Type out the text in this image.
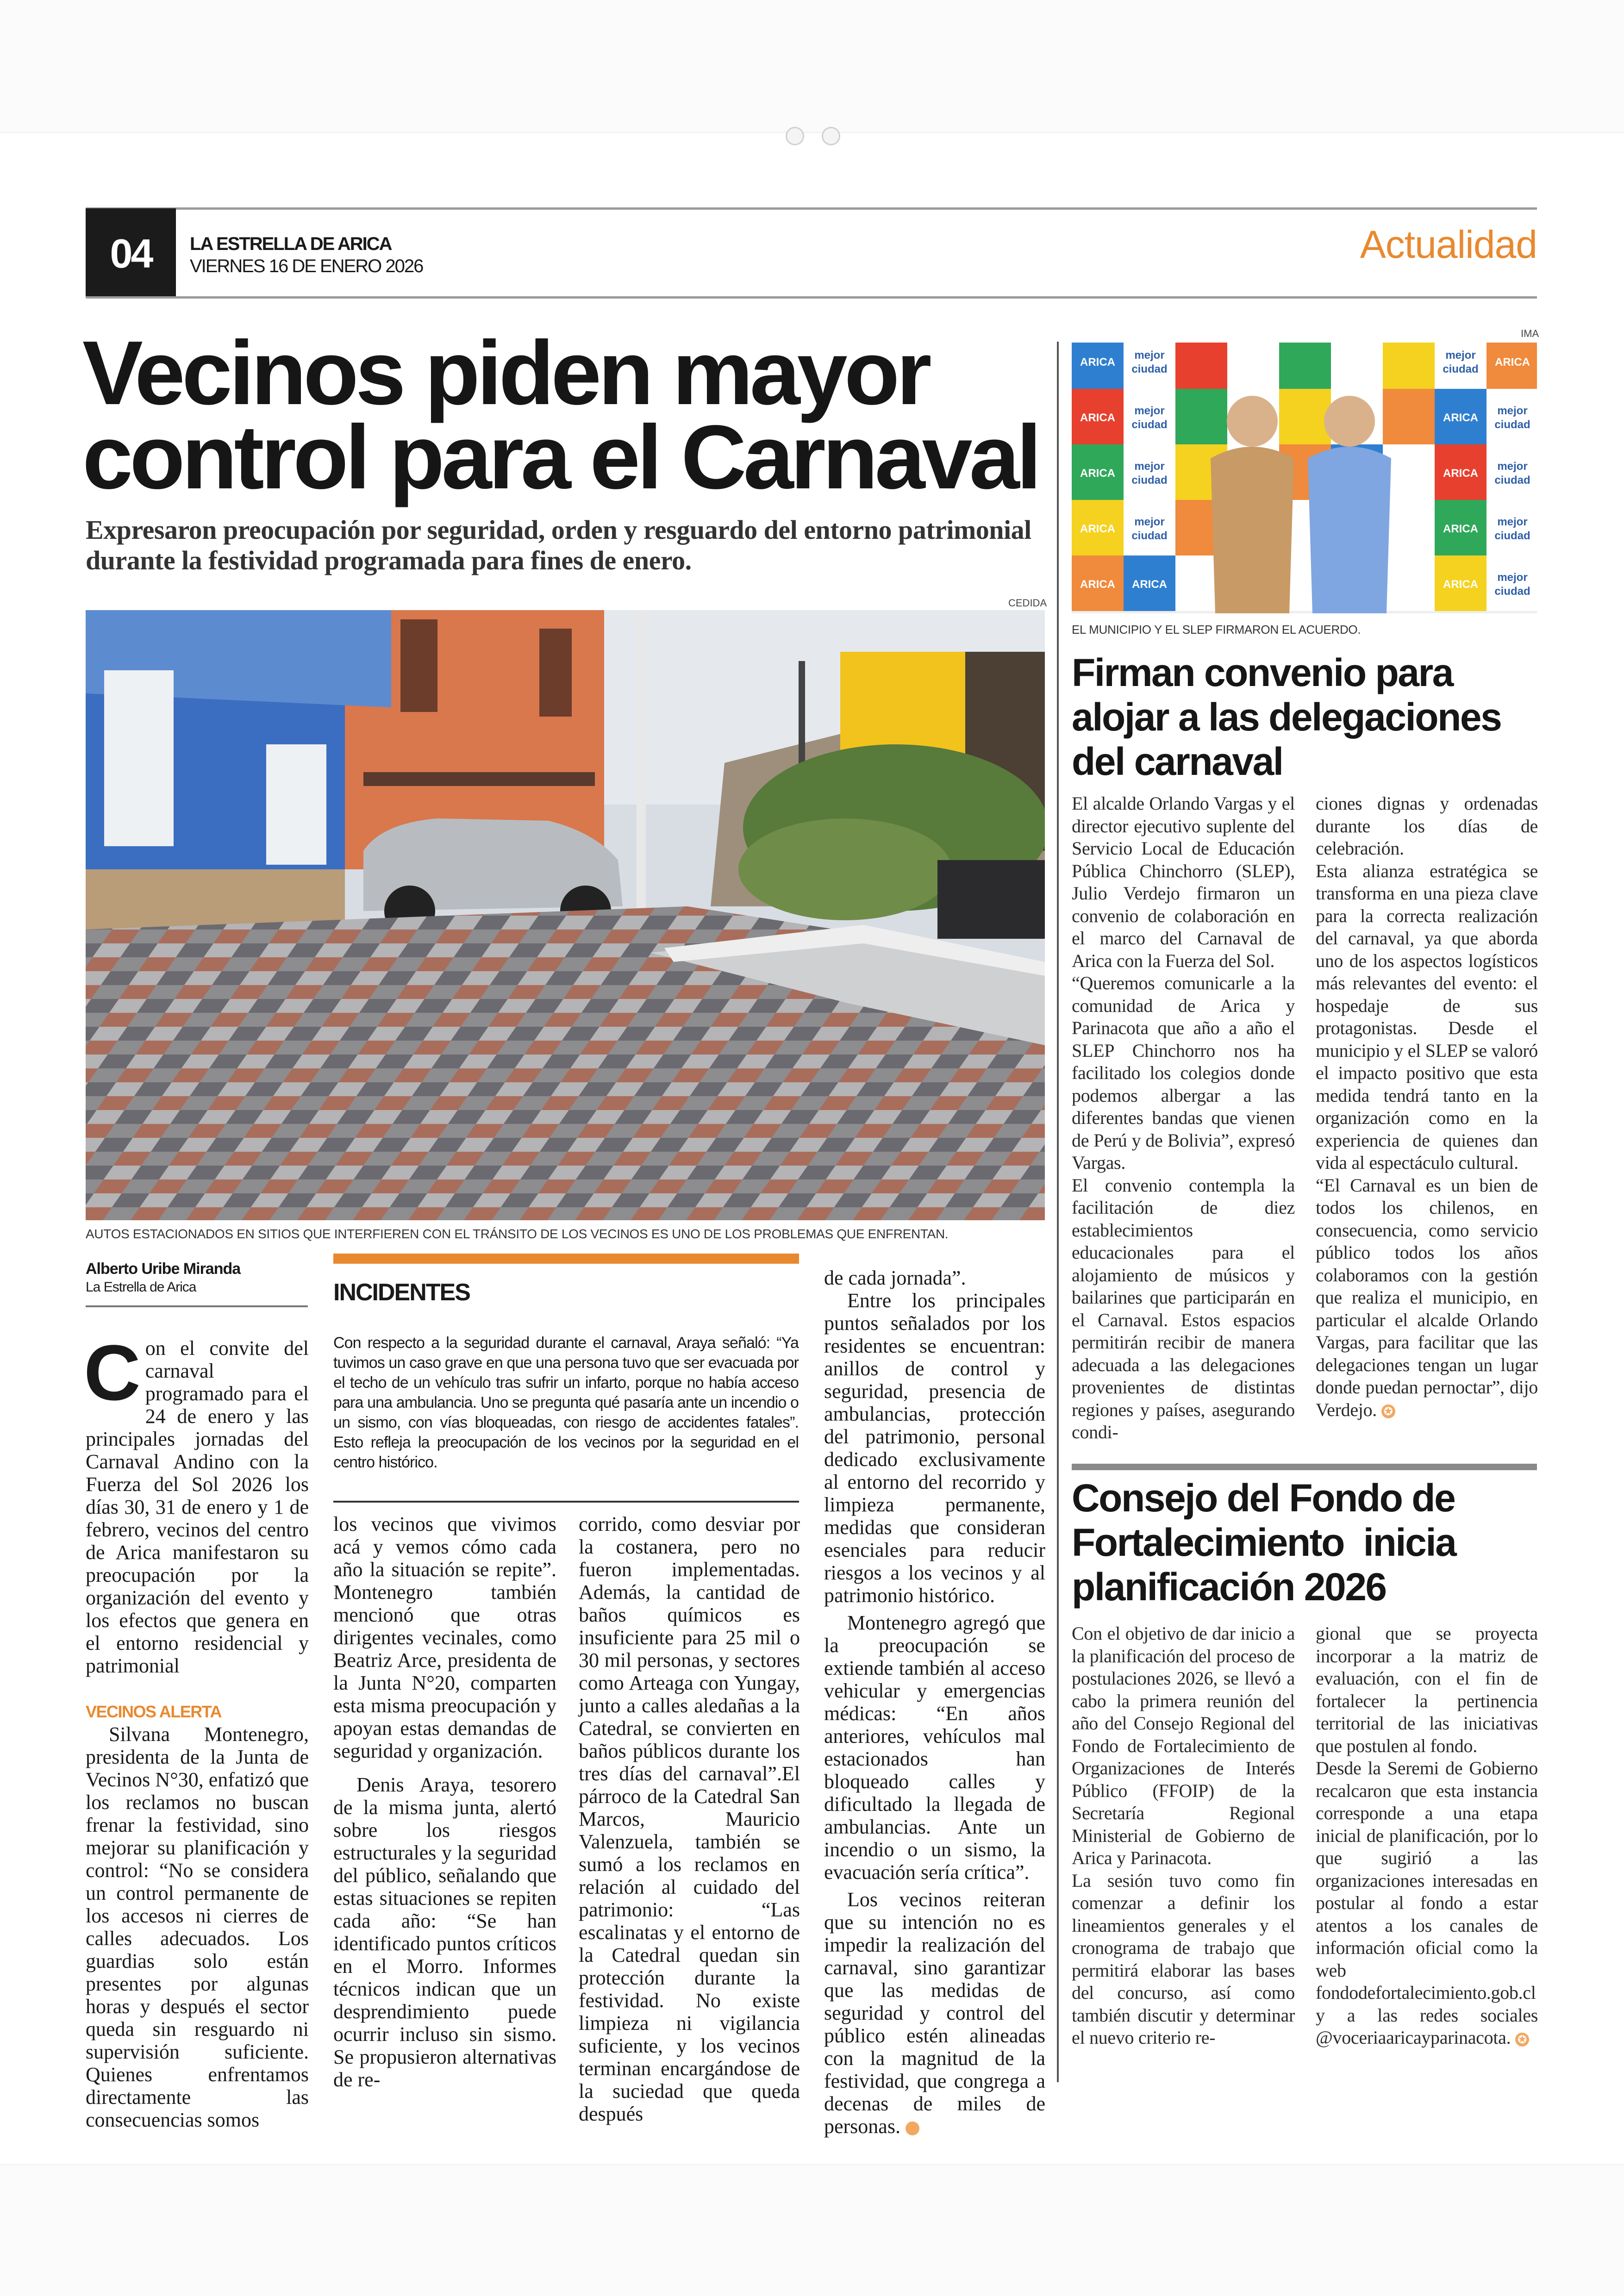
04	LA ESTRELLA DE ARICA
VIERNES 16 DE ENERO 2026	Actualidad
Vecinos piden mayor
control para el Carnaval
Expresaron preocupación por seguridad, orden y resguardo del entorno patrimonial durante la festividad programada para fines de enero.
CEDIDA
AUTOS ESTACIONADOS EN SITIOS QUE INTERFIEREN CON EL TRÁNSITO DE LOS VECINOS ES UNO DE LOS PROBLEMAS QUE ENFRENTAN.
Alberto Uribe Miranda
La Estrella de Arica

Con el convite del carnaval programado para el 24 de enero y las principales jornadas del Carnaval Andino con la Fuerza del Sol 2026 los días 30, 31 de enero y 1 de febrero, vecinos del centro de Arica manifestaron su preocupación por la organización del evento y los efectos que genera en el entorno residencial y patrimonial

VECINOS ALERTA

Silvana Montenegro, presidenta de la Junta de Vecinos N°30, enfatizó que los reclamos no buscan frenar la festividad, sino mejorar su planificación y control: “No se considera un control permanente de los accesos ni cierres de calles adecuados. Los guardias solo están presentes por algunas horas y después el sector queda sin resguardo ni supervisión suficiente. Quienes enfrentamos directamente las consecuencias somos

INCIDENTES
Con respecto a la seguridad durante el carnaval, Araya señaló: “Ya tuvimos un caso grave en que una persona tuvo que ser evacuada por el techo de un vehículo tras sufrir un infarto, porque no había acceso para una ambulancia. Uno se pregunta qué pasaría ante un incendio o un sismo, con vías bloqueadas, con riesgo de accidentes fatales”. Esto refleja la preocupación de los vecinos por la seguridad en el centro histórico.

los vecinos que vivimos acá y vemos cómo cada año la situación se repite”. Montenegro también mencionó que otras dirigentes vecinales, como Beatriz Arce, presidenta de la Junta N°20, comparten esta misma preocupación y apoyan estas demandas de seguridad y organización.

Denis Araya, tesorero de la misma junta, alertó sobre los riesgos estructurales y la seguridad del público, señalando que estas situaciones se repiten cada año: “Se han identificado puntos críticos en el Morro. Informes técnicos indican que un desprendimiento puede ocurrir incluso sin sismo. Se propusieron alternativas de re-

corrido, como desviar por la costanera, pero no fueron implementadas. Además, la cantidad de baños químicos es insuficiente para 25 mil o 30 mil personas, y sectores como Arteaga con Yungay, junto a calles aledañas a la Catedral, se convierten en baños públicos durante los tres días del carnaval”.El párroco de la Catedral San Marcos, Mauricio Valenzuela, también se sumó a los reclamos en relación al cuidado del patrimonio: “Las escalinatas y el entorno de la Catedral quedan sin protección durante la festividad. No existe limpieza ni vigilancia suficiente, y los vecinos terminan encargándose de la suciedad que queda después

de cada jornada”.

Entre los principales puntos señalados por los residentes se encuentran: anillos de control y seguridad, presencia de ambulancias, protección del patrimonio, personal dedicado exclusivamente al entorno del recorrido y limpieza permanente, medidas que consideran esenciales para reducir riesgos a los vecinos y al patrimonio histórico.

Montenegro agregó que la preocupación se extiende también al acceso vehicular y emergencias médicas: “En años anteriores, vehículos mal estacionados han bloqueado calles y dificultado la llegada de ambulancias. Ante un incendio o un sismo, la evacuación sería crítica”.

Los vecinos reiteran que su intención no es impedir la realización del carnaval, sino garantizar que las medidas de seguridad y control del público estén alineadas con la magnitud de la festividad, que congrega a decenas de miles de personas.	✪

IMA
ARICA
mejor
ciudad
mejor
ciudad
ARICA
ARICA
mejor
ciudad
ARICA
mejor
ciudad
ARICA
mejor
ciudad
ARICA
mejor
ciudad
ARICA
mejor
ciudad
ARICA
mejor
ciudad
ARICA ARICA	ARICA
mejor
ciudad
EL MUNICIPIO Y EL SLEP FIRMARON EL ACUERDO.
Firman convenio para
alojar a las delegaciones
del carnaval

El alcalde Orlando Vargas y el director ejecutivo suplente del Servicio Local de Educación Pública Chinchorro (SLEP), Julio Verdejo firmaron un convenio de colaboración en el marco del Carnaval de Arica con la Fuerza del Sol.

“Queremos comunicarle a la comunidad de Arica y Parinacota que año a año el SLEP Chinchorro nos ha facilitado los colegios donde podemos albergar a las diferentes bandas que vienen de Perú y de Bolivia”, expresó Vargas.

El convenio contempla la facilitación de diez establecimientos educacionales para el alojamiento de músicos y bailarines que participarán en el Carnaval. Estos espacios permitirán recibir de manera adecuada a las delegaciones provenientes de distintas regiones y países, asegurando condi-

ciones dignas y ordenadas durante los días de celebración.

Esta alianza estratégica se transforma en una pieza clave para la correcta realización del carnaval, ya que aborda uno de los aspectos logísticos más relevantes del evento: el hospedaje de sus protagonistas. Desde el municipio y el SLEP se valoró el impacto positivo que esta medida tendrá tanto en la organización como en la experiencia de quienes dan vida al espectáculo cultural.

“El Carnaval es un bien de todos los chilenos, en consecuencia, como servicio público todos los años colaboramos con la gestión que realiza el municipio, en particular el alcalde Orlando Vargas, para facilitar que las delegaciones tengan un lugar donde puedan pernoctar”, dijo Verdejo. ✪

Consejo del Fondo de
Fortalecimiento  inicia
planificación 2026

Con el objetivo de dar inicio a la planificación del proceso de postulaciones 2026, se llevó a cabo la primera reunión del año del Consejo Regional del Fondo de Fortalecimiento de Organizaciones de Interés Público (FFOIP) de la Secretaría Regional Ministerial de Gobierno de Arica y Parinacota.

La sesión tuvo como fin comenzar a definir los lineamientos generales y el cronograma de trabajo que permitirá elaborar las bases del concurso, así como también discutir y determinar el nuevo criterio re-

gional que se proyecta incorporar a la matriz de evaluación, con el fin de fortalecer la pertinencia territorial de las iniciativas que postulen al fondo.

Desde la Seremi de Gobierno recalcaron que esta instancia corresponde a una etapa inicial de planificación, por lo que sugirió a las organizaciones interesadas en postular al fondo a estar atentos a los canales de información oficial como la web fondodefortalecimiento.gob.cl y a las redes sociales @voceriaaricayparinacota. ✪
